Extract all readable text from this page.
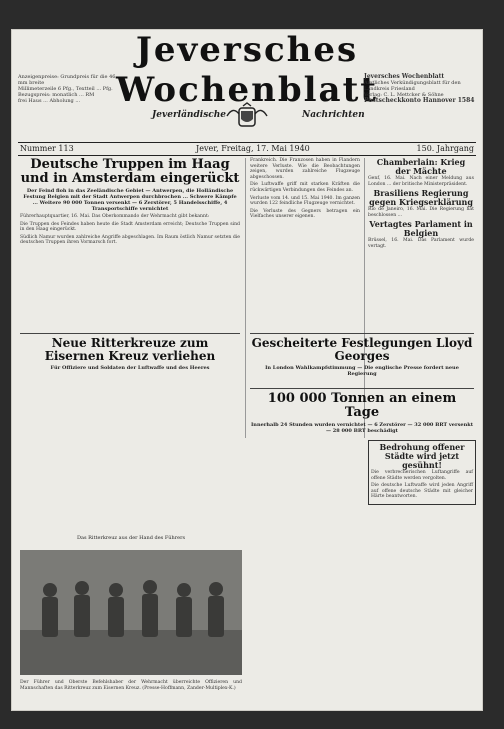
Jeversches Wochenblatt
Anzeigenpreise: Grundpreis für die 46 mm breite
Millimeterzeile 6 Pfg., Textteil ... Pfg.
Bezugspreis: monatlich ... RM
frei Haus ... Abholung ...
Jeverländische	Nachrichten
Jeversches Wochenblatt
Amtliches Verkündigungsblatt für den
Landkreis Friesland
Verlag: C. L. Mettcker & Söhne
Postscheckkonto Hannover 1584
Nummer 113	Jever, Freitag, 17. Mai 1940	150. Jahrgang
Deutsche Truppen im Haag und in Amsterdam eingerückt
Der Feind floh in das Zeeländische Gebiet — Antwerpen, die Holländische Festung Belgien mit der Stadt Antwerpen durchbrochen ... Schwere Kämpfe ... Weitere 90 000 Tonnen versenkt — 6 Zerstörer, 5 Handelsschiffe, 4 Transportschiffe vernichtet

Führerhauptquartier, 16. Mai. Das Oberkommando der Wehrmacht gibt bekannt:

Die Truppen des Feindes haben heute die Stadt Amsterdam erreicht; Deutsche Truppen sind in den Haag eingerückt.

Südlich Namur wurden zahlreiche Angriffe abgeschlagen. Im Raum östlich Namur setzten die deutschen Truppen ihren Vormarsch fort.

Frankreich. Die Franzosen haben in Flandern weitere Verluste. Wie die Beobachtungen zeigen, wurden zahlreiche Flugzeuge abgeschossen.

Die Luftwaffe griff mit starken Kräften die rückwärtigen Verbindungen des Feindes an.

Verluste vom 14. und 15. Mai 1940. Im ganzen wurden 122 feindliche Flugzeuge vernichtet.

Die Verluste des Gegners betragen ein Vielfaches unserer eigenen.

Chamberlain: Krieg der Mächte

Genf, 16. Mai. Nach einer Meldung aus London ... der britische Ministerpräsident.

Brasiliens Regierung gegen Kriegserklärung

Rio de Janeiro, 16. Mai. Die Regierung hat beschlossen ...

Vertagtes Parlament in Belgien

Brüssel, 16. Mai. Das Parlament wurde vertagt.

Neue Ritterkreuze zum Eisernen Kreuz verliehen
Für Offiziere und Soldaten der Luftwaffe und des Heeres
Gescheiterte Festlegungen Lloyd Georges
In London Wahlkampfstimmung — Die englische Presse fordert neue Regierung
100 000 Tonnen an einem Tage
Innerhalb 24 Stunden wurden vernichtet — 6 Zerstörer — 32 000 BRT versenkt — 28 000 BRT beschädigt
Bedrohung offener Städte wird jetzt gesühnt!

Die verbrecherischen Luftangriffe auf offene Städte werden vergolten.

Die deutsche Luftwaffe wird jeden Angriff auf offene deutsche Städte mit gleicher Härte beantworten.

Das Ritterkreuz aus der Hand des Führers
Der Führer und Oberste Befehlshaber der Wehrmacht überreichte Offizieren und Mannschaften das Ritterkreuz zum Eisernen Kreuz. (Presse-Hoffmann, Zander-Multiplex-K.)
